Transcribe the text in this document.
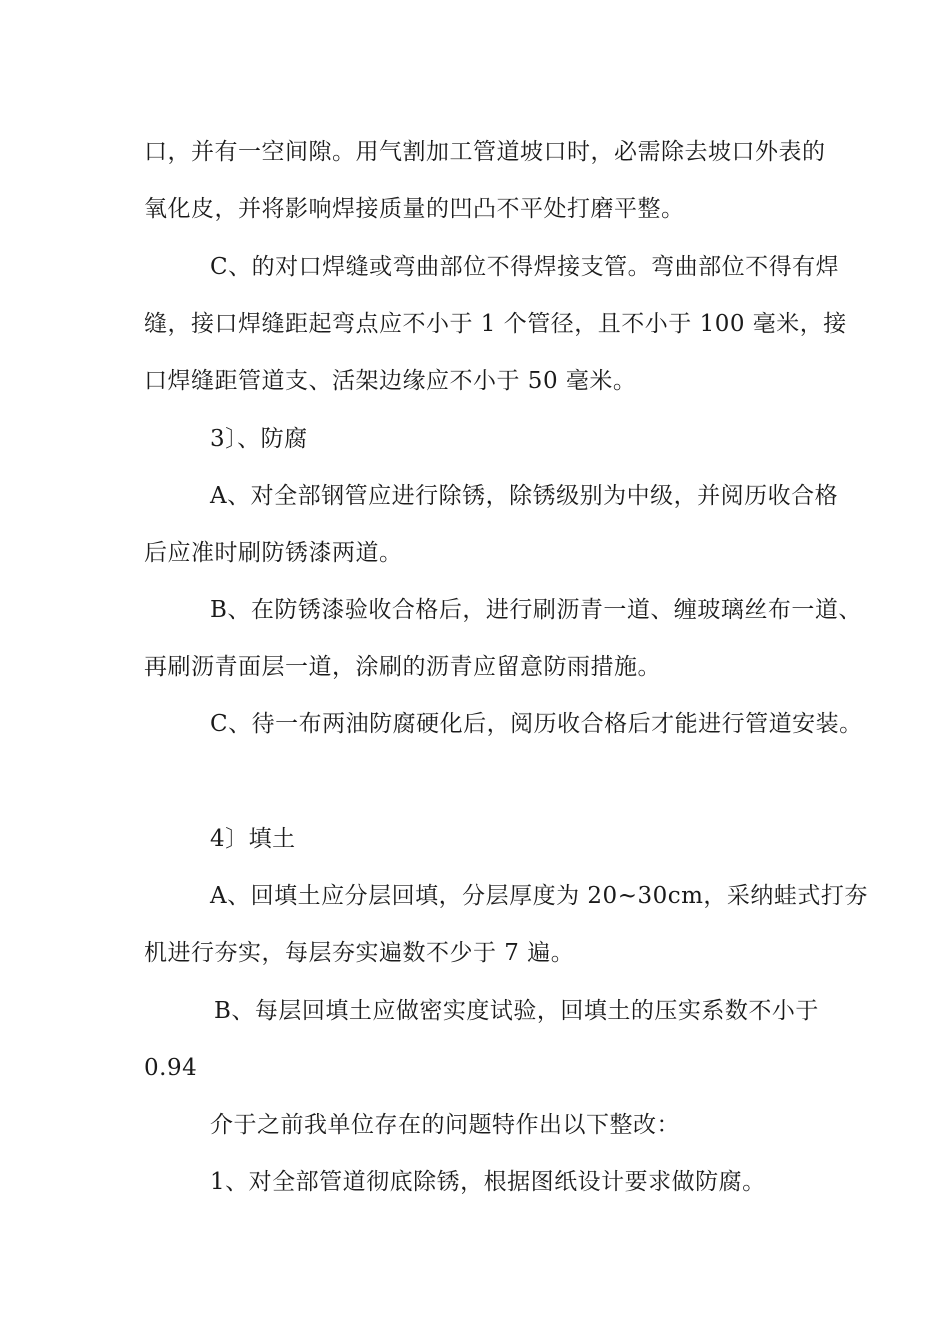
口，并有一空间隙。用气割加工管道坡口时，必需除去坡口外表的
氧化皮，并将影响焊接质量的凹凸不平处打磨平整。
C、的对口焊缝或弯曲部位不得焊接支管。弯曲部位不得有焊
缝，接口焊缝距起弯点应不小于 1 个管径，且不小于 100 毫米，接
口焊缝距管道支、活架边缘应不小于 50 毫米。
3〕、防腐
A、对全部钢管应进行除锈，除锈级别为中级，并阅历收合格
后应准时刷防锈漆两道。
B、在防锈漆验收合格后，进行刷沥青一道、缠玻璃丝布一道、
再刷沥青面层一道，涂刷的沥青应留意防雨措施。
C、待一布两油防腐硬化后，阅历收合格后才能进行管道安装。
4〕填土
A、回填土应分层回填，分层厚度为 20~30cm，采纳蛙式打夯
机进行夯实，每层夯实遍数不少于 7 遍。
B、每层回填土应做密实度试验，回填土的压实系数不小于
0.94
介于之前我单位存在的问题特作出以下整改：
1、对全部管道彻底除锈，根据图纸设计要求做防腐。
